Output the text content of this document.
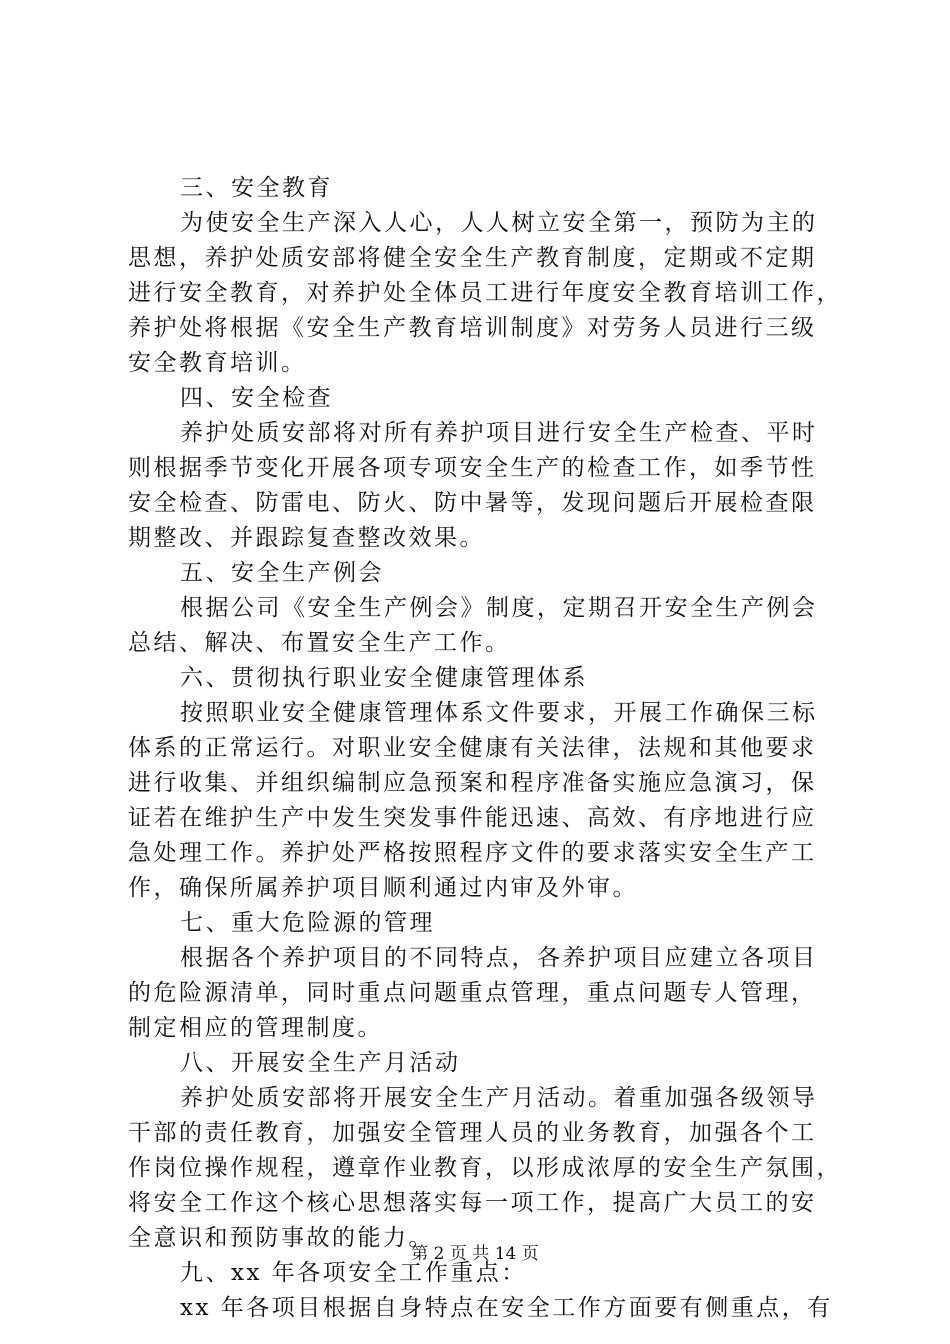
三、安全教育

为使安全生产深入人心，人人树立安全第一，预防为主的

思想，养护处质安部将健全安全生产教育制度，定期或不定期

进行安全教育，对养护处全体员工进行年度安全教育培训工作，

养护处将根据《安全生产教育培训制度》对劳务人员进行三级

安全教育培训。

四、安全检查

养护处质安部将对所有养护项目进行安全生产检查、平时

则根据季节变化开展各项专项安全生产的检查工作，如季节性

安全检查、防雷电、防火、防中暑等，发现问题后开展检查限

期整改、并跟踪复查整改效果。

五、安全生产例会

根据公司《安全生产例会》制度，定期召开安全生产例会

总结、解决、布置安全生产工作。

六、贯彻执行职业安全健康管理体系

按照职业安全健康管理体系文件要求，开展工作确保三标

体系的正常运行。对职业安全健康有关法律，法规和其他要求

进行收集、并组织编制应急预案和程序准备实施应急演习，保

证若在维护生产中发生突发事件能迅速、高效、有序地进行应

急处理工作。养护处严格按照程序文件的要求落实安全生产工

作，确保所属养护项目顺利通过内审及外审。

七、重大危险源的管理

根据各个养护项目的不同特点，各养护项目应建立各项目

的危险源清单，同时重点问题重点管理，重点问题专人管理，

制定相应的管理制度。

八、开展安全生产月活动

养护处质安部将开展安全生产月活动。着重加强各级领导

干部的责任教育，加强安全管理人员的业务教育，加强各个工

作岗位操作规程，遵章作业教育，以形成浓厚的安全生产氛围，

将安全工作这个核心思想落实每一项工作，提高广大员工的安

全意识和预防事故的能力。

九、xx 年各项安全工作重点：

xx 年各项目根据自身特点在安全工作方面要有侧重点，有

第 2 页 共 14 页
